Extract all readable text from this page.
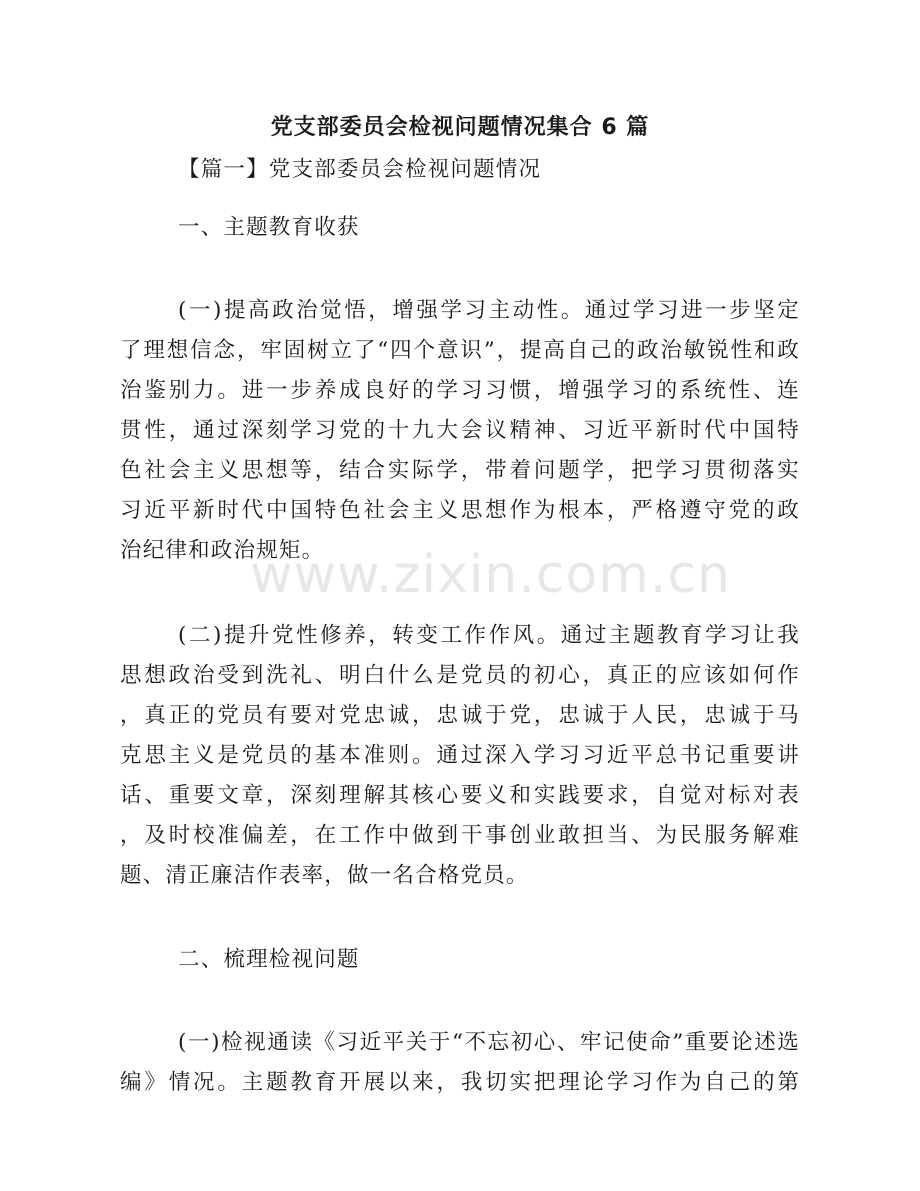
党支部委员会检视问题情况集合 6 篇

【篇一】党支部委员会检视问题情况

一、主题教育收获

(一)提高政治觉悟，增强学习主动性。通过学习进一步坚定

了理想信念，牢固树立了“四个意识”，提高自己的政治敏锐性和政

治鉴别力。进一步养成良好的学习习惯，增强学习的系统性、连

贯性，通过深刻学习党的十九大会议精神、习近平新时代中国特

色社会主义思想等，结合实际学，带着问题学，把学习贯彻落实

习近平新时代中国特色社会主义思想作为根本，严格遵守党的政

治纪律和政治规矩。

(二)提升党性修养，转变工作作风。通过主题教育学习让我

思想政治受到洗礼、明白什么是党员的初心，真正的应该如何作

，真正的党员有要对党忠诚，忠诚于党，忠诚于人民，忠诚于马

克思主义是党员的基本准则。通过深入学习习近平总书记重要讲

话、重要文章，深刻理解其核心要义和实践要求，自觉对标对表

，及时校准偏差，在工作中做到干事创业敢担当、为民服务解难

题、清正廉洁作表率，做一名合格党员。

二、梳理检视问题

(一)检视通读《习近平关于“不忘初心、牢记使命”重要论述选

编》情况。主题教育开展以来，我切实把理论学习作为自己的第

www.zixin.com.cn
